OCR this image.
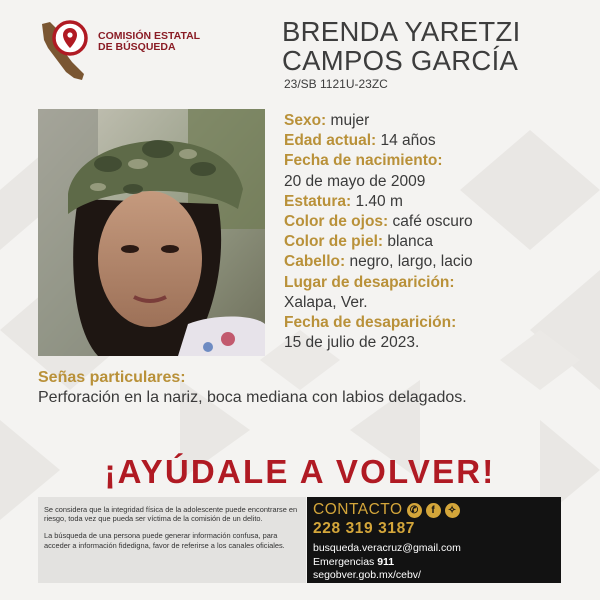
COMISIÓN ESTATAL
DE BÚSQUEDA	BRENDA YARETZI
CAMPOS GARCÍA
23/SB 1121U-23ZC
Sexo: mujer
Edad actual: 14 años
Fecha de nacimiento:
20 de mayo de 2009
Estatura: 1.40 m
Color de ojos: café oscuro
Color de piel: blanca
Cabello: negro, largo, lacio
Lugar de desaparición:
Xalapa, Ver.
Fecha de desaparición:
15 de julio de 2023.
Señas particulares:
Perforación en la nariz, boca mediana con labios delagados.
¡AYÚDALE A VOLVER!

Se considera que la integridad física de la adolescente puede encontrarse en riesgo, toda vez que pueda ser víctima de la comisión de un delito.

La búsqueda de una persona puede generar información confusa, para acceder a información fidedigna, favor de referirse a los canales oficiales.

CONTACTO ✆	f	✧
228 319 3187
busqueda.veracruz@gmail.com
Emergencias 911
segobver.gob.mx/cebv/
